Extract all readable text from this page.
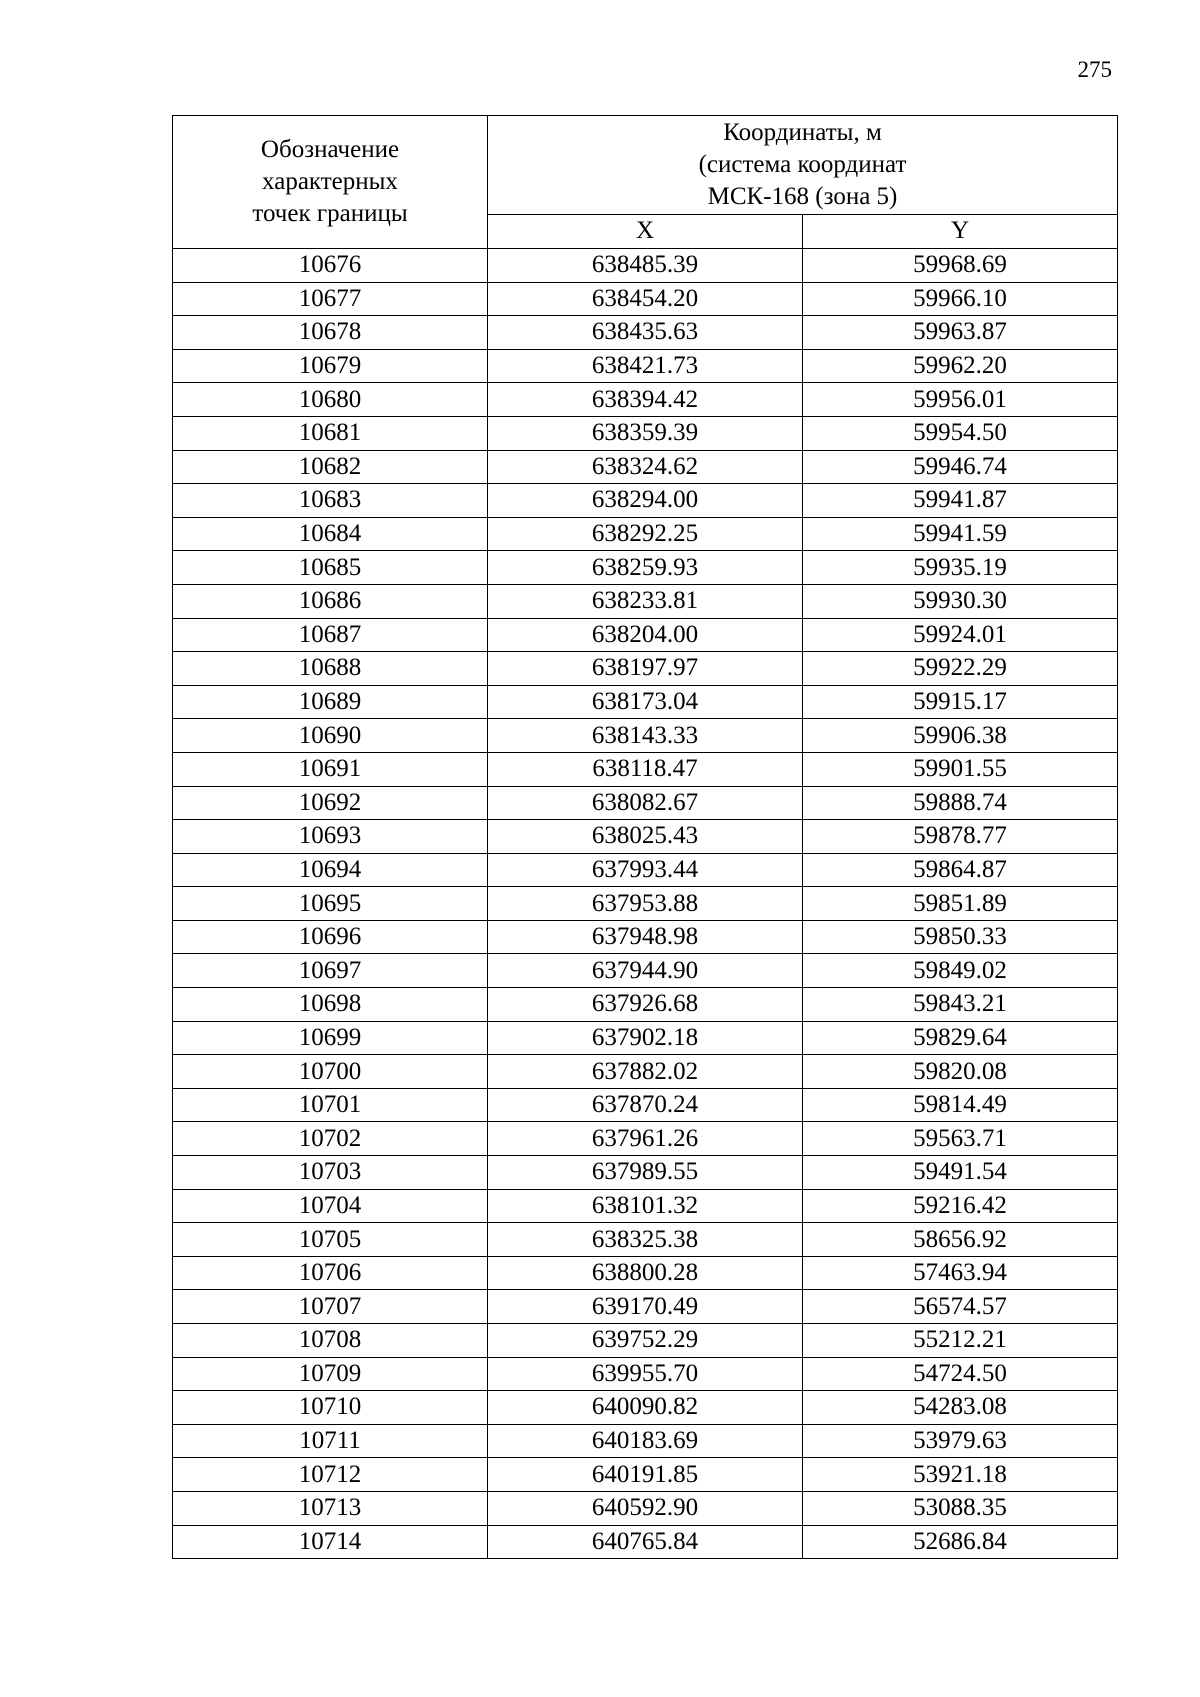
275
Обозначение
характерных
точек границы	Координаты, м
(система координат
МСК-168 (зона 5)	

	X	Y
10676	638485.39	59968.69
10677	638454.20	59966.10
10678	638435.63	59963.87
10679	638421.73	59962.20
10680	638394.42	59956.01
10681	638359.39	59954.50
10682	638324.62	59946.74
10683	638294.00	59941.87
10684	638292.25	59941.59
10685	638259.93	59935.19
10686	638233.81	59930.30
10687	638204.00	59924.01
10688	638197.97	59922.29
10689	638173.04	59915.17
10690	638143.33	59906.38
10691	638118.47	59901.55
10692	638082.67	59888.74
10693	638025.43	59878.77
10694	637993.44	59864.87
10695	637953.88	59851.89
10696	637948.98	59850.33
10697	637944.90	59849.02
10698	637926.68	59843.21
10699	637902.18	59829.64
10700	637882.02	59820.08
10701	637870.24	59814.49
10702	637961.26	59563.71
10703	637989.55	59491.54
10704	638101.32	59216.42
10705	638325.38	58656.92
10706	638800.28	57463.94
10707	639170.49	56574.57
10708	639752.29	55212.21
10709	639955.70	54724.50
10710	640090.82	54283.08
10711	640183.69	53979.63
10712	640191.85	53921.18
10713	640592.90	53088.35
10714	640765.84	52686.84
